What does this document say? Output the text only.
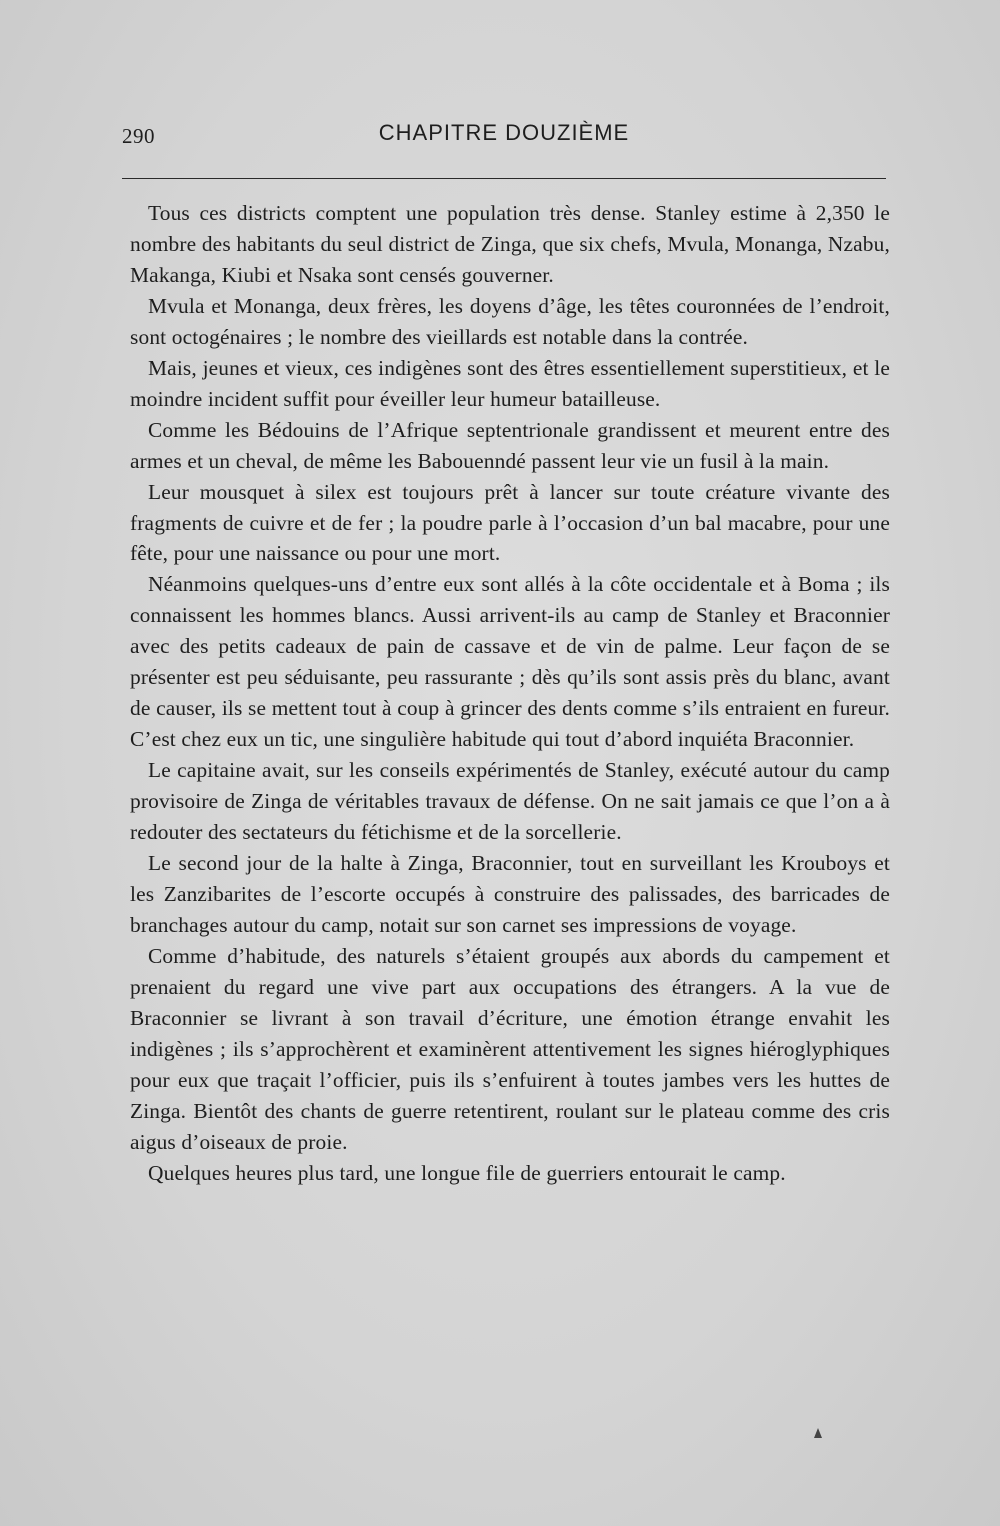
290	CHAPITRE DOUZIÈME

Tous ces districts comptent une population très dense. Stanley estime à 2,350 le nombre des habitants du seul district de Zinga, que six chefs, Mvula, Monanga, Nzabu, Makanga, Kiubi et Nsaka sont censés gouverner.

Mvula et Monanga, deux frères, les doyens d’âge, les têtes couronnées de l’endroit, sont octogénaires ; le nombre des vieillards est notable dans la contrée.

Mais, jeunes et vieux, ces indigènes sont des êtres essentiellement superstitieux, et le moindre incident suffit pour éveiller leur humeur batailleuse.

Comme les Bédouins de l’Afrique septentrionale grandissent et meurent entre des armes et un cheval, de même les Babouenndé passent leur vie un fusil à la main.

Leur mousquet à silex est toujours prêt à lancer sur toute créature vivante des fragments de cuivre et de fer ; la poudre parle à l’occasion d’un bal macabre, pour une fête, pour une naissance ou pour une mort.

Néanmoins quelques-uns d’entre eux sont allés à la côte occidentale et à Boma ; ils connaissent les hommes blancs. Aussi arrivent-ils au camp de Stanley et Braconnier avec des petits cadeaux de pain de cassave et de vin de palme. Leur façon de se présenter est peu séduisante, peu rassurante ; dès qu’ils sont assis près du blanc, avant de causer, ils se mettent tout à coup à grincer des dents comme s’ils entraient en fureur. C’est chez eux un tic, une singulière habitude qui tout d’abord inquiéta Braconnier.

Le capitaine avait, sur les conseils expérimentés de Stanley, exécuté autour du camp provisoire de Zinga de véritables travaux de défense. On ne sait jamais ce que l’on a à redouter des sectateurs du fétichisme et de la sorcellerie.

Le second jour de la halte à Zinga, Braconnier, tout en surveillant les Krouboys et les Zanzibarites de l’escorte occupés à construire des palissades, des barricades de branchages autour du camp, notait sur son carnet ses impressions de voyage.

Comme d’habitude, des naturels s’étaient groupés aux abords du campement et prenaient du regard une vive part aux occupations des étrangers. A la vue de Braconnier se livrant à son travail d’écriture, une émotion étrange envahit les indigènes ; ils s’approchèrent et examinèrent attentivement les signes hiéroglyphiques pour eux que traçait l’officier, puis ils s’enfuirent à toutes jambes vers les huttes de Zinga. Bientôt des chants de guerre retentirent, roulant sur le plateau comme des cris aigus d’oiseaux de proie.

Quelques heures plus tard, une longue file de guerriers entourait le camp.
